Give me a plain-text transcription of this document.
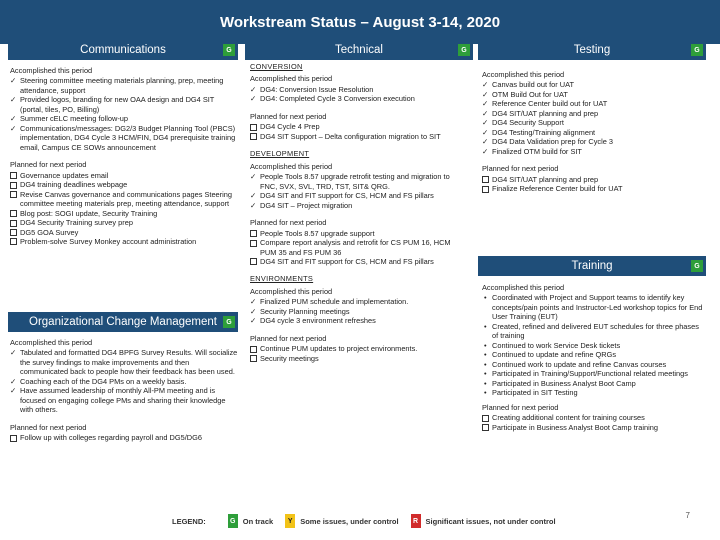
Workstream Status – August 3-14, 2020
Communications	G	Technical	G	Testing	G
Accomplished this period
✓ Steering committee meeting materials planning, prep, meeting attendance, support
✓ Provided logos, branding for new OAA design and DG4 SIT (portal, tiles, PO, Billing)
✓ Summer cELC meeting follow-up
✓ Communications/messages: DG2/3 Budget Planning Tool (PBCS) implementation, DG4 Cycle 3 HCM/FIN, DG4 prerequisite training email, Campus CE SOWs announcement
Planned for next period
Governance updates email
DG4 training deadlines webpage
Revise Canvas governance and communications pages Steering committee meeting materials prep, meeting attendance, support
Blog post: SOGI update, Security Training
DG4 Security Training survey prep
DG5 GOA Survey
Problem-solve Survey Monkey account administration
Organizational Change Management	G
Accomplished this period
✓ Tabulated and formatted DG4 BPFG Survey Results. Will socialize the survey findings to make improvements and then communicated back to people how their feedback has been used.
✓ Coaching each of the DG4 PMs on a weekly basis.
✓ Have assumed leadership of monthly All-PM meeting and is focused on engaging college PMs and sharing their knowledge with others.
Planned for next period
Follow up with colleges regarding payroll and DG5/DG6
CONVERSION
Accomplished this period
✓ DG4: Conversion Issue Resolution
✓ DG4: Completed Cycle 3 Conversion execution
Planned for next period
DG4 Cycle 4 Prep
DG4 SIT Support – Delta configuration migration to SIT
DEVELOPMENT
Accomplished this period
✓ People Tools 8.57 upgrade retrofit testing and migration to FNC, SVX, SVL, TRD, TST, SIT& QRG.
✓ DG4 SIT and FIT support for CS, HCM and FS pillars
✓ DG4 SIT – Project migration
Planned for next period
People Tools 8.57 upgrade support
Compare report analysis and retrofit for CS PUM 16, HCM PUM 35 and FS PUM 36
DG4 SIT and FIT support for CS, HCM and FS pillars
ENVIRONMENTS
Accomplished this period
✓ Finalized PUM schedule and implementation.
✓ Security Planning meetings
✓ DG4 cycle 3 environment refreshes
Planned for next period
Continue PUM updates to project environments.
Security meetings
Accomplished this period
✓ Canvas build out for UAT
✓ OTM Build Out for UAT
✓ Reference Center build out for UAT
✓ DG4 SIT/UAT planning and prep
✓ DG4 Security Support
✓ DG4 Testing/Training alignment
✓ DG4 Data Validation prep for Cycle 3
✓ Finalized OTM build for SIT
Planned for next period
DG4 SIT/UAT planning and prep
Finalize Reference Center build for UAT
Training	G
Accomplished this period
• Coordinated with Project and Support teams to identify key concepts/pain points and Instructor-Led workshop topics for End User Training (EUT)
• Created, refined and delivered EUT schedules for three phases of training
• Continued to work Service Desk tickets
• Continued to update and refine QRGs
• Continued work to update and refine Canvas courses
• Participated in Training/Support/Functional related meetings
• Participated in Business Analyst Boot Camp
• Participated in SIT Testing
Planned for next period
Creating additional content for training courses
Participate in Business Analyst Boot Camp training
LEGEND:	G On track	Y	Some issues, under control	R Significant issues, not under control
7
